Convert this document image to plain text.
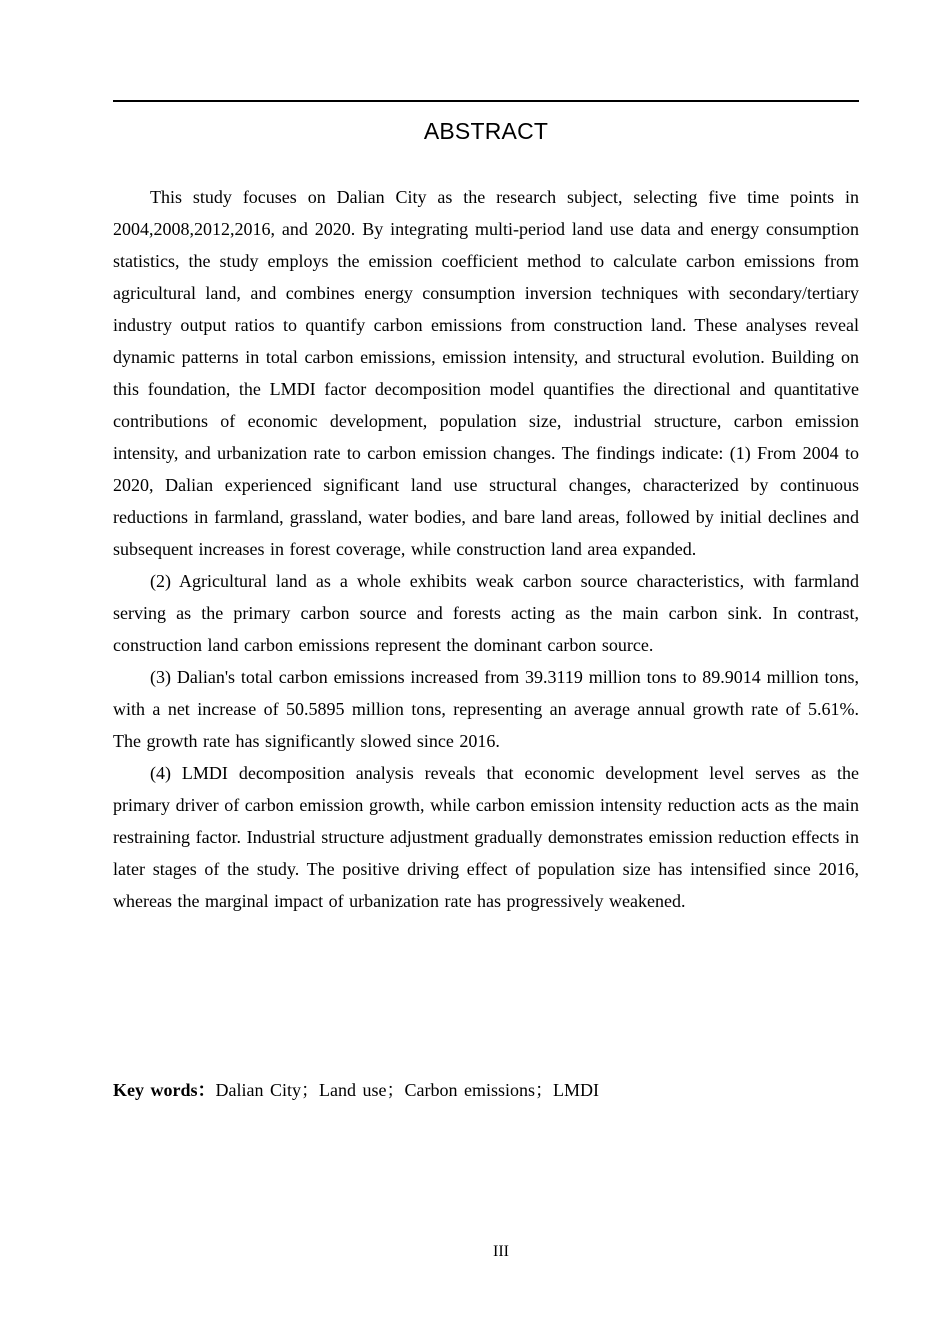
ABSTRACT

This study focuses on Dalian City as the research subject, selecting five time points in 2004,2008,2012,2016, and 2020. By integrating multi-period land use data and energy consumption statistics, the study employs the emission coefficient method to calculate carbon emissions from agricultural land, and combines energy consumption inversion techniques with secondary/tertiary industry output ratios to quantify carbon emissions from construction land. These analyses reveal dynamic patterns in total carbon emissions, emission intensity, and structural evolution. Building on this foundation, the LMDI factor decomposition model quantifies the directional and quantitative contributions of economic development, population size, industrial structure, carbon emission intensity, and urbanization rate to carbon emission changes. The findings indicate: (1) From 2004 to 2020, Dalian experienced significant land use structural changes, characterized by continuous reductions in farmland, grassland, water bodies, and bare land areas, followed by initial declines and subsequent increases in forest coverage, while construction land area expanded.

(2) Agricultural land as a whole exhibits weak carbon source characteristics, with farmland serving as the primary carbon source and forests acting as the main carbon sink. In contrast, construction land carbon emissions represent the dominant carbon source.

(3) Dalian's total carbon emissions increased from 39.3119 million tons to 89.9014 million tons, with a net increase of 50.5895 million tons, representing an average annual growth rate of 5.61%. The growth rate has significantly slowed since 2016.

(4) LMDI decomposition analysis reveals that economic development level serves as the primary driver of carbon emission growth, while carbon emission intensity reduction acts as the main restraining factor. Industrial structure adjustment gradually demonstrates emission reduction effects in later stages of the study. The positive driving effect of population size has intensified since 2016, whereas the marginal impact of urbanization rate has progressively weakened.

Key words：Dalian City；Land use；Carbon emissions；LMDI
III
